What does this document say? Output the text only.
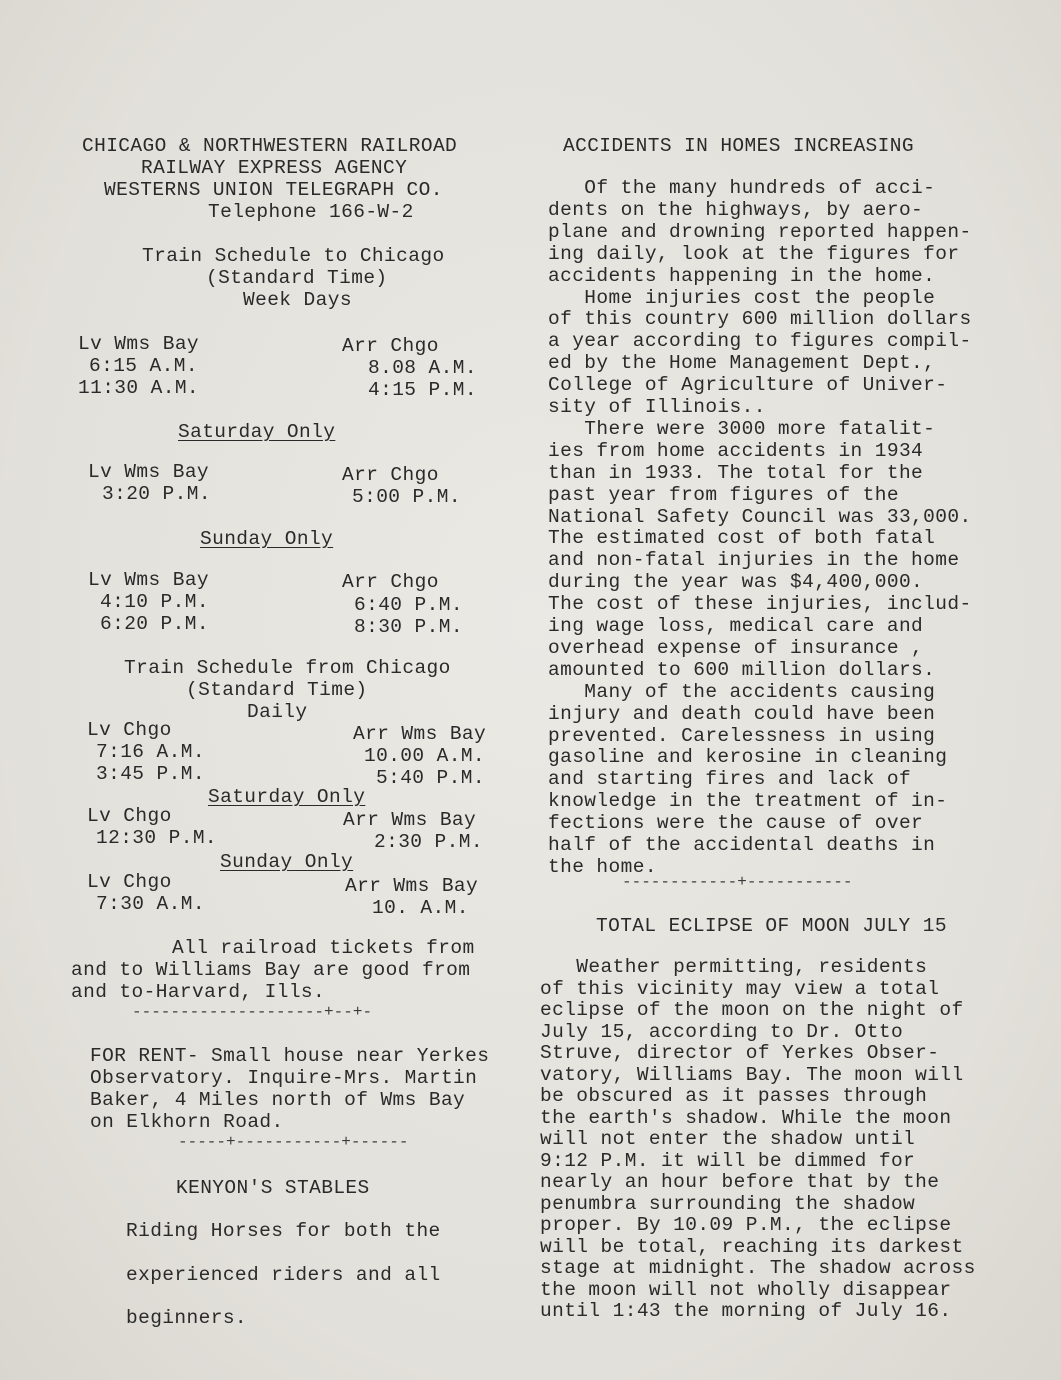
CHICAGO & NORTHWESTERN RAILROAD
RAILWAY EXPRESS AGENCY
WESTERNS UNION TELEGRAPH CO.
Telephone 166-W-2
Train Schedule to Chicago
(Standard Time)
Week Days
Lv Wms Bay	Arr Chgo
6:15 A.M.	8.08 A.M.
11:30 A.M.	4:15 P.M.
Saturday Only
Lv Wms Bay	Arr Chgo
3:20 P.M.	5:00 P.M.
Sunday Only
Lv Wms Bay	Arr Chgo
4:10 P.M.	6:40 P.M.
6:20 P.M.	8:30 P.M.
Train Schedule from Chicago
(Standard Time)
Daily
Lv Chgo	Arr Wms Bay
7:16 A.M.	10.00 A.M.
3:45 P.M.	5:40 P.M.
Saturday Only
Lv Chgo	Arr Wms Bay
12:30 P.M.	2:30 P.M.
Sunday Only
Lv Chgo	Arr Wms Bay
7:30 A.M.	10. A.M.
All railroad tickets from
and to Williams Bay are good from
and to-Harvard, Ills.
--------------------+--+-
FOR RENT- Small house near Yerkes
Observatory. Inquire-Mrs. Martin
Baker, 4 Miles north of Wms Bay
on Elkhorn Road.
-----+-----------+------
KENYON'S STABLES
Riding Horses for both the
experienced riders and all
beginners.
ACCIDENTS IN HOMES INCREASING
Of the many hundreds of acci-
dents on the highways, by aero-
plane and drowning reported happen-
ing daily, look at the figures for
accidents happening in the home.
Home injuries cost the people
of this country 600 million dollars
a year according to figures compil-
ed by the Home Management Dept.,
College of Agriculture of Univer-
sity of Illinois..
There were 3000 more fatalit-
ies from home accidents in 1934
than in 1933. The total for the
past year from figures of the
National Safety Council was 33,000.
The estimated cost of both fatal
and non-fatal injuries in the home
during the year was $4,400,000.
The cost of these injuries, includ-
ing wage loss, medical care and
overhead expense of insurance ,
amounted to 600 million dollars.
Many of the accidents causing
injury and death could have been
prevented. Carelessness in using
gasoline and kerosine in cleaning
and starting fires and lack of
knowledge in the treatment of in-
fections were the cause of over
half of the accidental deaths in
the home.
------------+-----------
TOTAL ECLIPSE OF MOON JULY 15
Weather permitting, residents
of this vicinity may view a total
eclipse of the moon on the night of
July 15, according to Dr. Otto
Struve, director of Yerkes Obser-
vatory, Williams Bay. The moon will
be obscured as it passes through
the earth's shadow. While the moon
will not enter the shadow until
9:12 P.M. it will be dimmed for
nearly an hour before that by the
penumbra surrounding the shadow
proper. By 10.09 P.M., the eclipse
will be total, reaching its darkest
stage at midnight. The shadow across
the moon will not wholly disappear
until 1:43 the morning of July 16.
